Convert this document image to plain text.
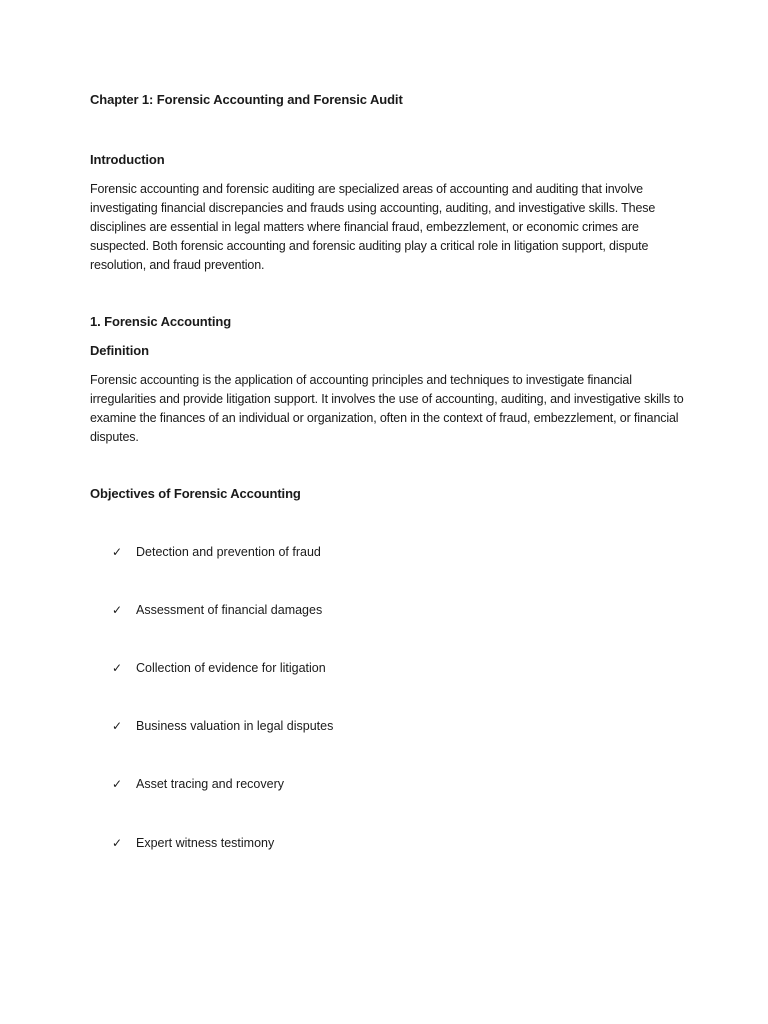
Chapter 1: Forensic Accounting and Forensic Audit
Introduction

Forensic accounting and forensic auditing are specialized areas of accounting and auditing that involve investigating financial discrepancies and frauds using accounting, auditing, and investigative skills. These disciplines are essential in legal matters where financial fraud, embezzlement, or economic crimes are suspected. Both forensic accounting and forensic auditing play a critical role in litigation support, dispute resolution, and fraud prevention.

1. Forensic Accounting
Definition

Forensic accounting is the application of accounting principles and techniques to investigate financial irregularities and provide litigation support. It involves the use of accounting, auditing, and investigative skills to examine the finances of an individual or organization, often in the context of fraud, embezzlement, or financial disputes.

Objectives of Forensic Accounting
✓ Detection and prevention of fraud
✓ Assessment of financial damages
✓ Collection of evidence for litigation
✓ Business valuation in legal disputes
✓ Asset tracing and recovery
✓ Expert witness testimony
